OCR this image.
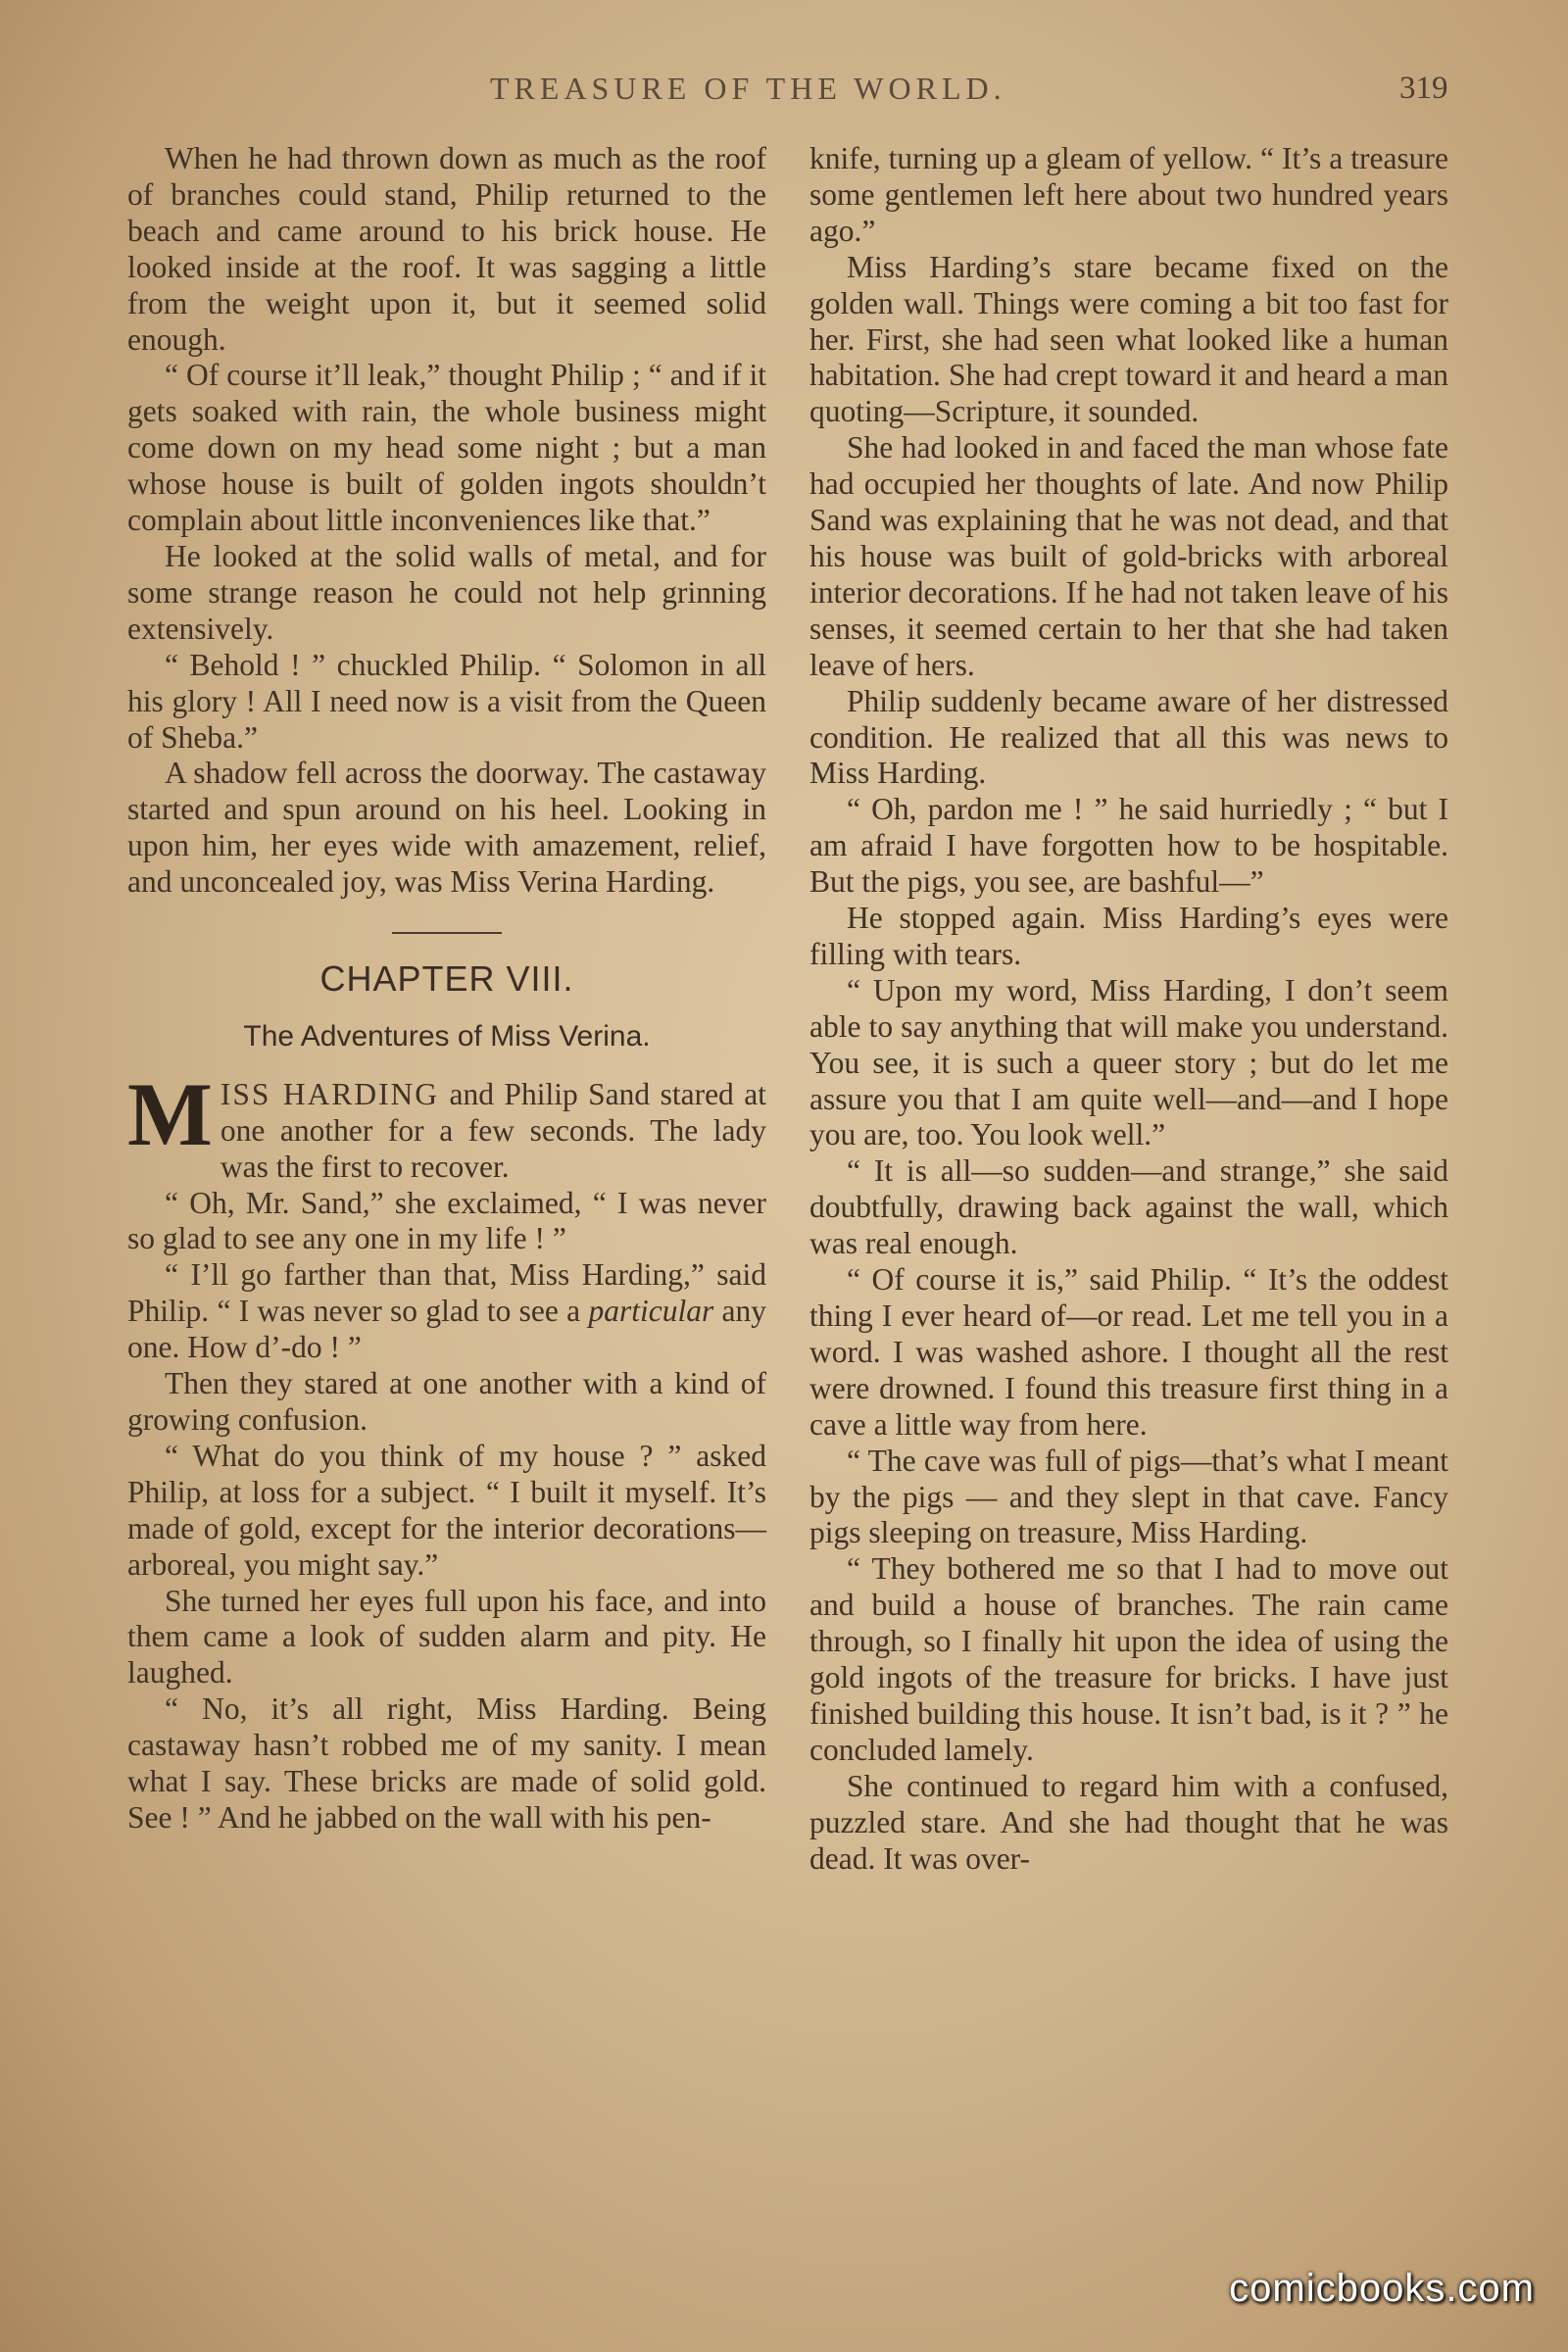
TREASURE OF THE WORLD.	319

When he had thrown down as much as the roof of branches could stand, Philip returned to the beach and came around to his brick house. He looked inside at the roof. It was sagging a little from the weight upon it, but it seemed solid enough.

“ Of course it’ll leak,” thought Philip ; “ and if it gets soaked with rain, the whole business might come down on my head some night ; but a man whose house is built of golden ingots shouldn’t complain about little inconveniences like that.”

He looked at the solid walls of metal, and for some strange reason he could not help grinning extensively.

“ Behold ! ” chuckled Philip. “ Solomon in all his glory ! All I need now is a visit from the Queen of Sheba.”

A shadow fell across the doorway. The castaway started and spun around on his heel. Looking in upon him, her eyes wide with amazement, relief, and unconcealed joy, was Miss Verina Harding.

CHAPTER VIII.
The Adventures of Miss Verina.

MISS HARDING and Philip Sand stared at one another for a few seconds. The lady was the first to recover.

“ Oh, Mr. Sand,” she exclaimed, “ I was never so glad to see any one in my life ! ”

“ I’ll go farther than that, Miss Harding,” said Philip. “ I was never so glad to see a particular any one. How d’-do ! ”

Then they stared at one another with a kind of growing confusion.

“ What do you think of my house ? ” asked Philip, at loss for a subject. “ I built it myself. It’s made of gold, except for the interior decorations—arboreal, you might say.”

She turned her eyes full upon his face, and into them came a look of sudden alarm and pity. He laughed.

“ No, it’s all right, Miss Harding. Being castaway hasn’t robbed me of my sanity. I mean what I say. These bricks are made of solid gold. See ! ” And he jabbed on the wall with his pen-

knife, turning up a gleam of yellow. “ It’s a treasure some gentlemen left here about two hundred years ago.”

Miss Harding’s stare became fixed on the golden wall. Things were coming a bit too fast for her. First, she had seen what looked like a human habitation. She had crept toward it and heard a man quoting—Scripture, it sounded.

She had looked in and faced the man whose fate had occupied her thoughts of late. And now Philip Sand was explaining that he was not dead, and that his house was built of gold-bricks with arboreal interior decorations. If he had not taken leave of his senses, it seemed certain to her that she had taken leave of hers.

Philip suddenly became aware of her distressed condition. He realized that all this was news to Miss Harding.

“ Oh, pardon me ! ” he said hurriedly ; “ but I am afraid I have forgotten how to be hospitable. But the pigs, you see, are bashful—”

He stopped again. Miss Harding’s eyes were filling with tears.

“ Upon my word, Miss Harding, I don’t seem able to say anything that will make you understand. You see, it is such a queer story ; but do let me assure you that I am quite well—and—and I hope you are, too. You look well.”

“ It is all—so sudden—and strange,” she said doubtfully, drawing back against the wall, which was real enough.

“ Of course it is,” said Philip. “ It’s the oddest thing I ever heard of—or read. Let me tell you in a word. I was washed ashore. I thought all the rest were drowned. I found this treasure first thing in a cave a little way from here.

“ The cave was full of pigs—that’s what I meant by the pigs — and they slept in that cave. Fancy pigs sleeping on treasure, Miss Harding.

“ They bothered me so that I had to move out and build a house of branches. The rain came through, so I finally hit upon the idea of using the gold ingots of the treasure for bricks. I have just finished building this house. It isn’t bad, is it ? ” he concluded lamely.

She continued to regard him with a confused, puzzled stare. And she had thought that he was dead. It was over-

comicbooks.com
